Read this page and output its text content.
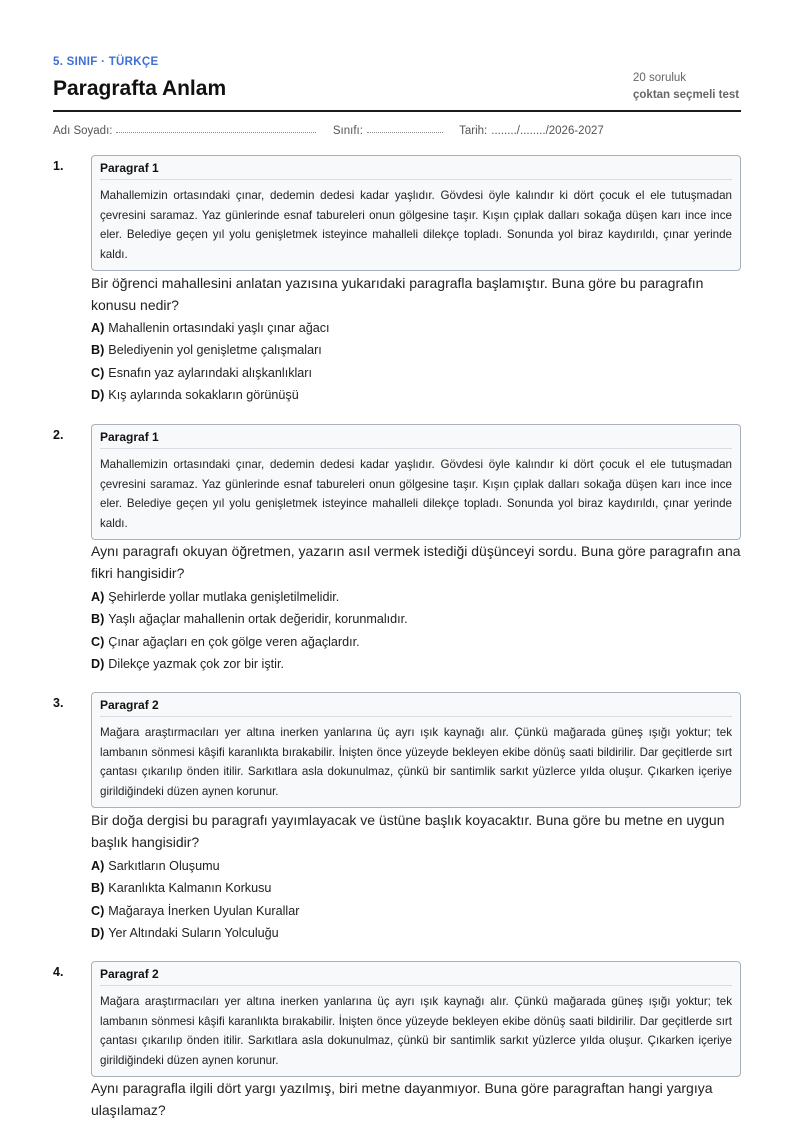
5. SINIF · TÜRKÇE
Paragrafta Anlam	20 soruluk
çoktan seçmeli test
Adı Soyadı:	Sınıfı:	Tarih: ......../......../2026-2027
1.	Paragraf 1
Mahallemizin ortasındaki çınar, dedemin dedesi kadar yaşlıdır. Gövdesi öyle kalındır ki dört çocuk el ele tutuşmadan çevresini saramaz. Yaz günlerinde esnaf tabureleri onun gölgesine taşır. Kışın çıplak dalları sokağa düşen karı ince ince eler. Belediye geçen yıl yolu genişletmek isteyince mahalleli dilekçe topladı. Sonunda yol biraz kaydırıldı, çınar yerinde kaldı.
Bir öğrenci mahallesini anlatan yazısına yukarıdaki paragrafla başlamıştır. Buna göre bu paragrafın konusu nedir?
A) Mahallenin ortasındaki yaşlı çınar ağacı
B) Belediyenin yol genişletme çalışmaları
C) Esnafın yaz aylarındaki alışkanlıkları
D) Kış aylarında sokakların görünüşü
2.	Paragraf 1
Mahallemizin ortasındaki çınar, dedemin dedesi kadar yaşlıdır. Gövdesi öyle kalındır ki dört çocuk el ele tutuşmadan çevresini saramaz. Yaz günlerinde esnaf tabureleri onun gölgesine taşır. Kışın çıplak dalları sokağa düşen karı ince ince eler. Belediye geçen yıl yolu genişletmek isteyince mahalleli dilekçe topladı. Sonunda yol biraz kaydırıldı, çınar yerinde kaldı.
Aynı paragrafı okuyan öğretmen, yazarın asıl vermek istediği düşünceyi sordu. Buna göre paragrafın ana fikri hangisidir?
A) Şehirlerde yollar mutlaka genişletilmelidir.
B) Yaşlı ağaçlar mahallenin ortak değeridir, korunmalıdır.
C) Çınar ağaçları en çok gölge veren ağaçlardır.
D) Dilekçe yazmak çok zor bir iştir.
3.	Paragraf 2
Mağara araştırmacıları yer altına inerken yanlarına üç ayrı ışık kaynağı alır. Çünkü mağarada güneş ışığı yoktur; tek lambanın sönmesi kâşifi karanlıkta bırakabilir. İnişten önce yüzeyde bekleyen ekibe dönüş saati bildirilir. Dar geçitlerde sırt çantası çıkarılıp önden itilir. Sarkıtlara asla dokunulmaz, çünkü bir santimlik sarkıt yüzlerce yılda oluşur. Çıkarken içeriye girildiğindeki düzen aynen korunur.
Bir doğa dergisi bu paragrafı yayımlayacak ve üstüne başlık koyacaktır. Buna göre bu metne en uygun başlık hangisidir?
A) Sarkıtların Oluşumu
B) Karanlıkta Kalmanın Korkusu
C) Mağaraya İnerken Uyulan Kurallar
D) Yer Altındaki Suların Yolculuğu
4.	Paragraf 2
Mağara araştırmacıları yer altına inerken yanlarına üç ayrı ışık kaynağı alır. Çünkü mağarada güneş ışığı yoktur; tek lambanın sönmesi kâşifi karanlıkta bırakabilir. İnişten önce yüzeyde bekleyen ekibe dönüş saati bildirilir. Dar geçitlerde sırt çantası çıkarılıp önden itilir. Sarkıtlara asla dokunulmaz, çünkü bir santimlik sarkıt yüzlerce yılda oluşur. Çıkarken içeriye girildiğindeki düzen aynen korunur.
Aynı paragrafla ilgili dört yargı yazılmış, biri metne dayanmıyor. Buna göre paragraftan hangi yargıya ulaşılamaz?
